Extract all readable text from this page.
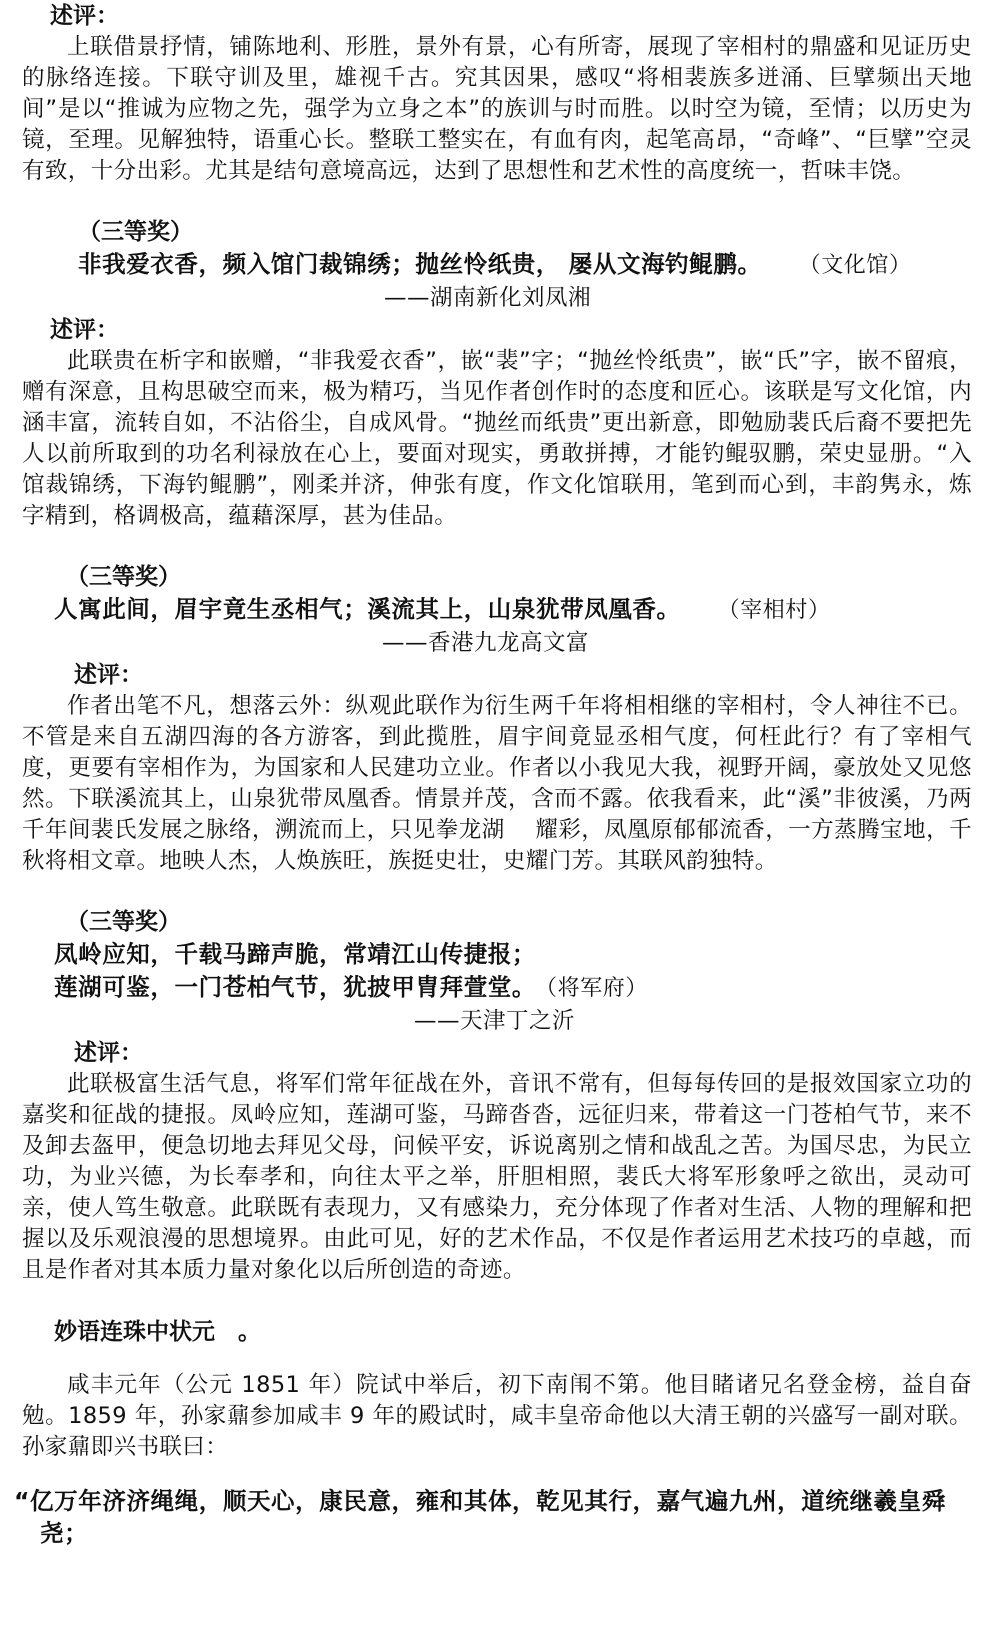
述评：

上联借景抒情，铺陈地利、形胜，景外有景，心有所寄，展现了宰相村的鼎盛和见证历史的脉络连接。下联守训及里，雄视千古。究其因果，感叹“将相裴族多迸涌、巨擘频出天地间”是以“推诚为应物之先，强学为立身之本”的族训与时而胜。以时空为镜，至情；以历史为镜，至理。见解独特，语重心长。整联工整实在，有血有肉，起笔高昂，“奇峰”、“巨擘”空灵有致，十分出彩。尤其是结句意境高远，达到了思想性和艺术性的高度统一，哲味丰饶。

（三等奖）

非我爱衣香，频入馆门裁锦绣；抛丝怜纸贵， 屡从文海钓鲲鹏。 （文化馆）

——湖南新化刘凤湘

述评：

此联贵在析字和嵌赠，“非我爱衣香”，嵌“裴”字；“抛丝怜纸贵”，嵌“氏”字，嵌不留痕，赠有深意，且构思破空而来，极为精巧，当见作者创作时的态度和匠心。该联是写文化馆，内涵丰富，流转自如，不沾俗尘，自成风骨。“抛丝而纸贵”更出新意，即勉励裴氏后裔不要把先人以前所取到的功名利禄放在心上，要面对现实，勇敢拼搏，才能钓鲲驭鹏，荣史显册。“入馆裁锦绣，下海钓鲲鹏”，刚柔并济，伸张有度，作文化馆联用，笔到而心到，丰韵隽永，炼字精到，格调极高，蕴藉深厚，甚为佳品。

（三等奖）

人寓此间，眉宇竟生丞相气；溪流其上，山泉犹带凤凰香。 （宰相村）

——香港九龙高文富

述评：

作者出笔不凡，想落云外：纵观此联作为衍生两千年将相相继的宰相村，令人神往不已。不管是来自五湖四海的各方游客，到此揽胜，眉宇间竟显丞相气度，何枉此行？有了宰相气度，更要有宰相作为，为国家和人民建功立业。作者以小我见大我，视野开阔，豪放处又见悠然。下联溪流其上，山泉犹带凤凰香。情景并茂，含而不露。依我看来，此“溪”非彼溪，乃两千年间裴氏发展之脉络，溯流而上，只见拳龙湖　 耀彩，凤凰原郁郁流香，一方蒸腾宝地，千秋将相文章。地映人杰，人焕族旺，族挺史壮，史耀门芳。其联风韵独特。

（三等奖）

凤岭应知，千载马蹄声脆，常靖江山传捷报；

莲湖可鉴，一门苍柏气节，犹披甲胄拜萱堂。 （将军府）

——天津丁之沂

述评：

此联极富生活气息，将军们常年征战在外，音讯不常有，但每每传回的是报效国家立功的嘉奖和征战的捷报。凤岭应知，莲湖可鉴，马蹄沓沓，远征归来，带着这一门苍柏气节，来不及卸去盔甲，便急切地去拜见父母，问候平安，诉说离别之情和战乱之苦。为国尽忠，为民立功，为业兴德，为长奉孝和，向往太平之举，肝胆相照，裴氏大将军形象呼之欲出，灵动可亲，使人笃生敬意。此联既有表现力，又有感染力，充分体现了作者对生活、人物的理解和把握以及乐观浪漫的思想境界。由此可见，好的艺术作品，不仅是作者运用艺术技巧的卓越，而且是作者对其本质力量对象化以后所创造的奇迹。

妙语连珠中状元　。

咸丰元年（公元 1851 年）院试中举后，初下南闱不第。他目睹诸兄名登金榜，益自奋勉。1859 年，孙家鼐参加咸丰 9 年的殿试时，咸丰皇帝命他以大清王朝的兴盛写一副对联。孙家鼐即兴书联曰：

“亿万年济济绳绳，顺天心，康民意，雍和其体，乾见其行，嘉气遍九州，道统继羲皇舜

尧；
